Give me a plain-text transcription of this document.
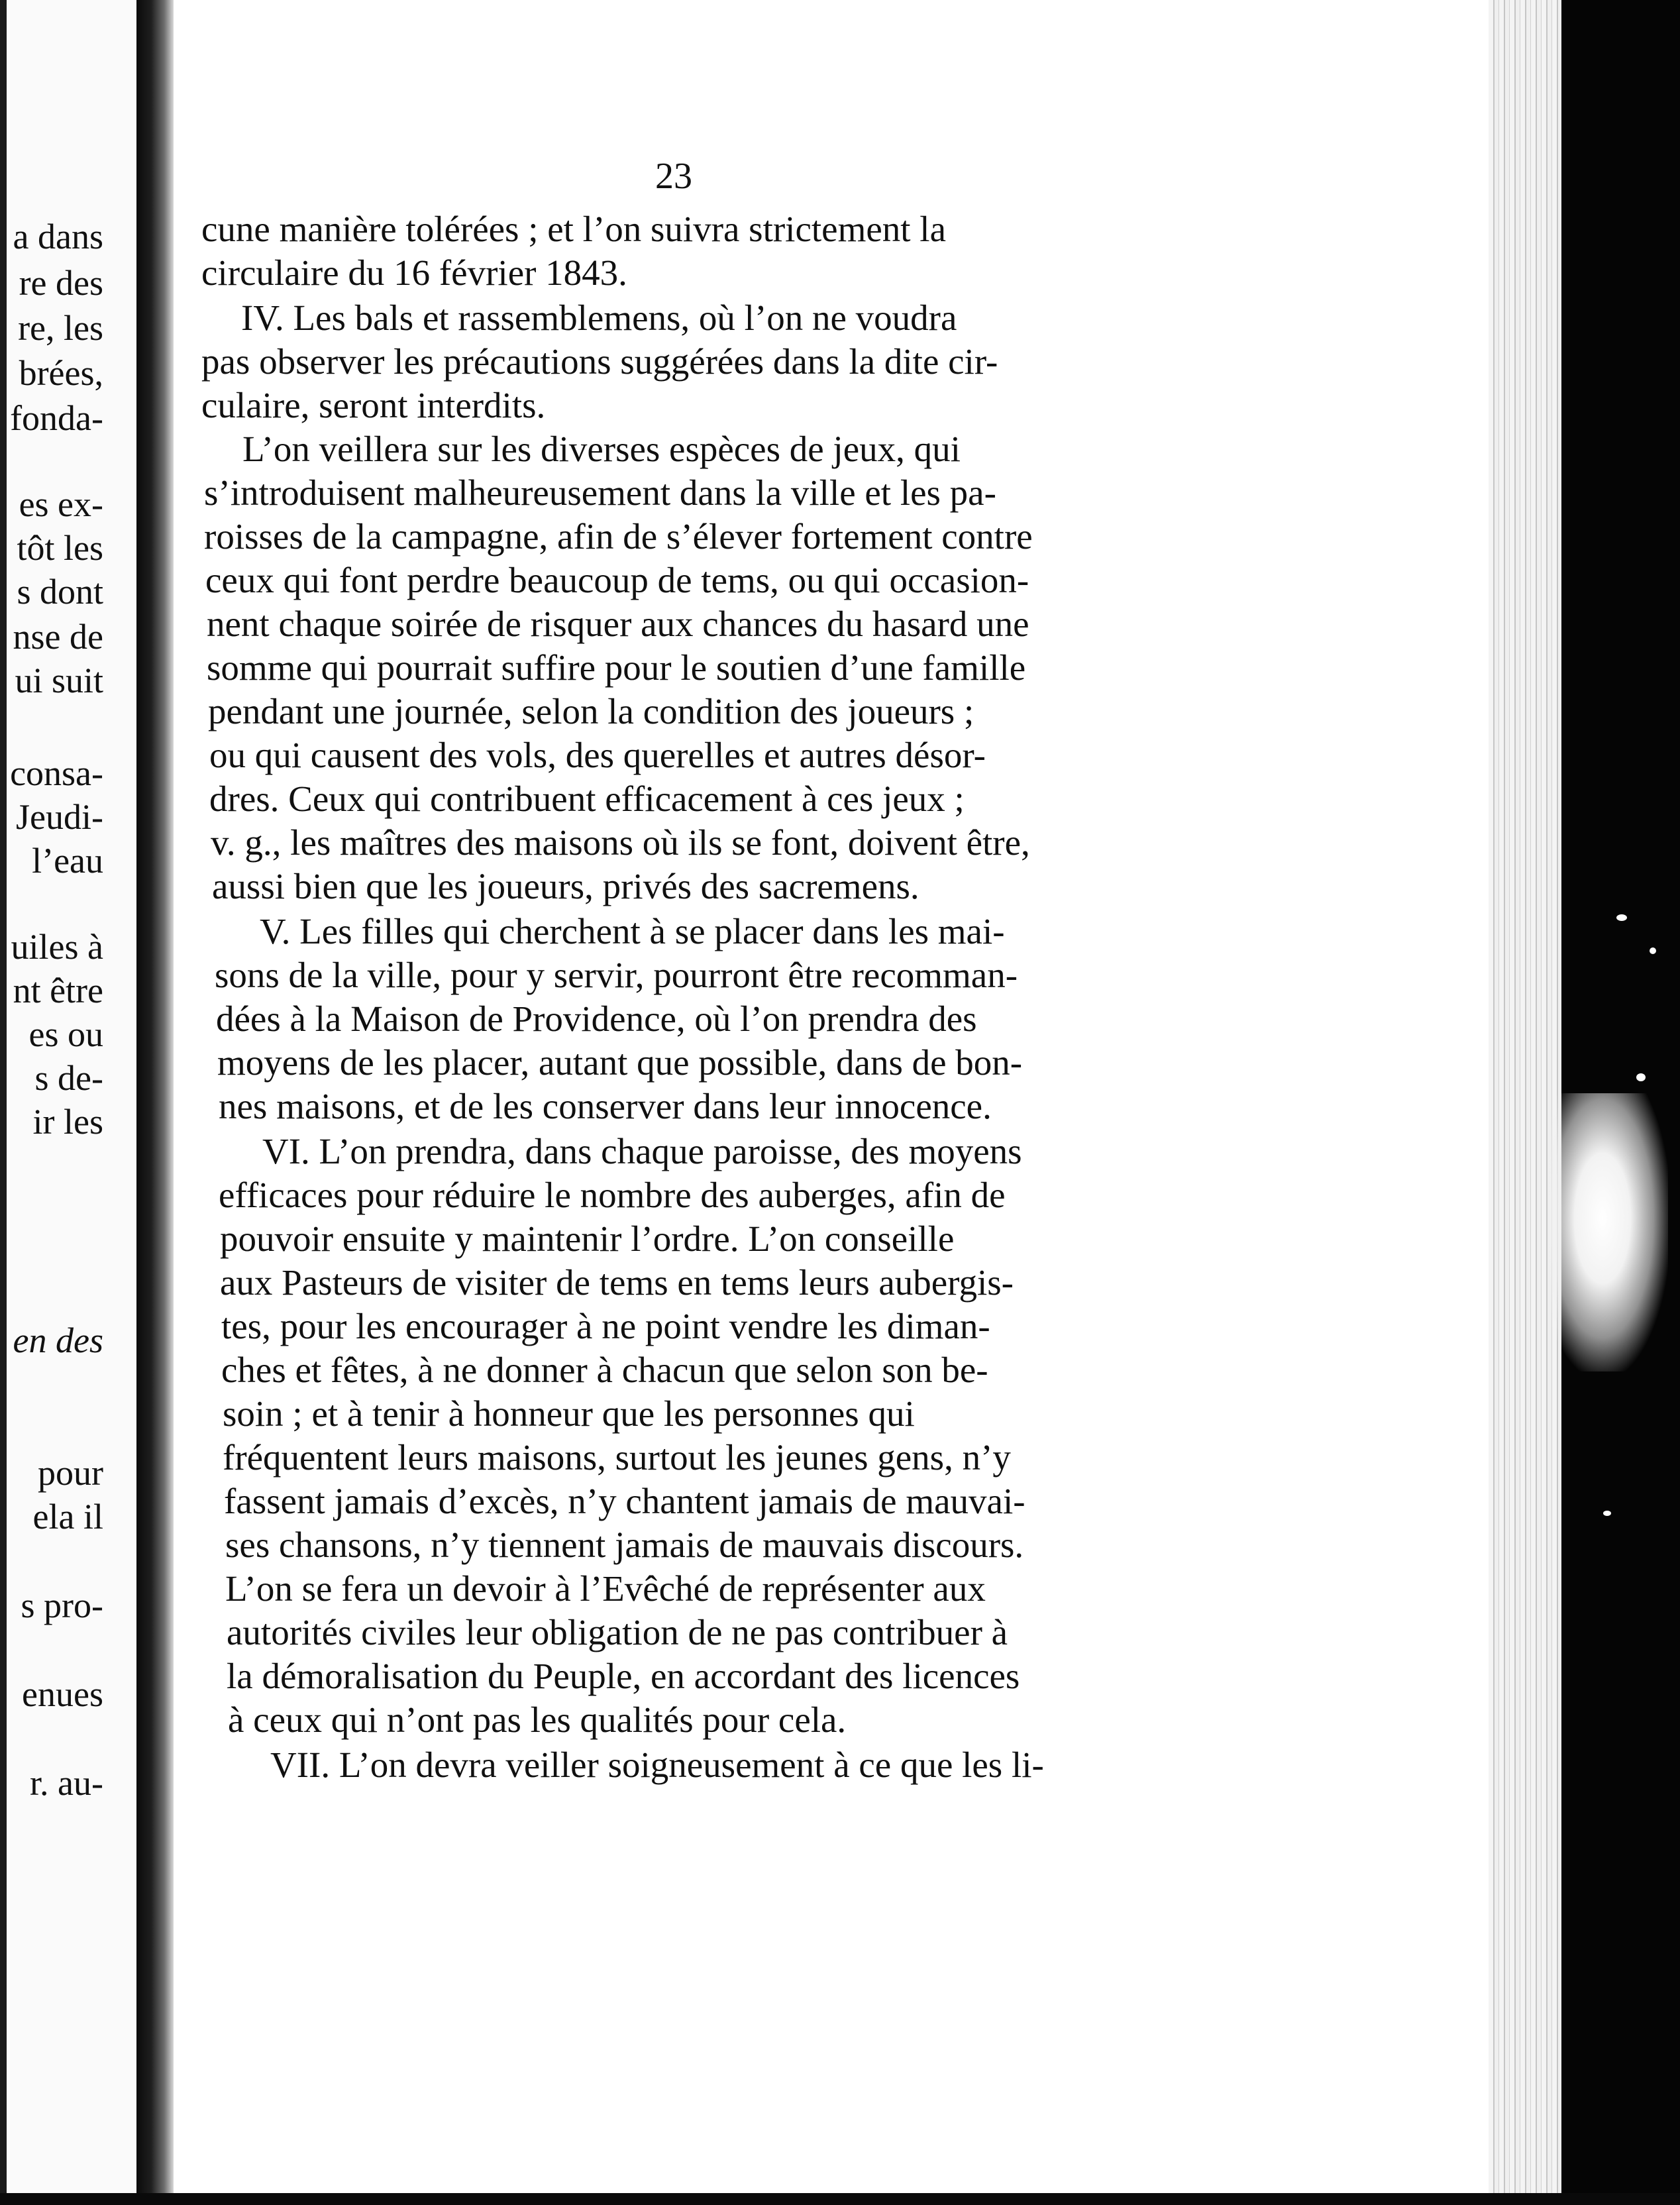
a dans
re des
re, les
brées,
fonda-
es ex-
tôt les
s dont
nse de
ui suit
consa-
Jeudi-
l’eau
uiles à
nt être
es ou
s de-
ir les
en des
pour
ela il
s pro-
enues
r. au-
23
cune manière tolérées ; et l’on suivra strictement la
circulaire du 16 février 1843.
IV. Les bals et rassemblemens, où l’on ne voudra
pas observer les précautions suggérées dans la dite cir-
culaire, seront interdits.
L’on veillera sur les diverses espèces de jeux, qui
s’introduisent malheureusement dans la ville et les pa-
roisses de la campagne, afin de s’élever fortement contre
ceux qui font perdre beaucoup de tems, ou qui occasion-
nent chaque soirée de risquer aux chances du hasard une
somme qui pourrait suffire pour le soutien d’une famille
pendant une journée, selon la condition des joueurs ;
ou qui causent des vols, des querelles et autres désor-
dres. Ceux qui contribuent efficacement à ces jeux ;
v. g., les maîtres des maisons où ils se font, doivent être,
aussi bien que les joueurs, privés des sacremens.
V. Les filles qui cherchent à se placer dans les mai-
sons de la ville, pour y servir, pourront être recomman-
dées à la Maison de Providence, où l’on prendra des
moyens de les placer, autant que possible, dans de bon-
nes maisons, et de les conserver dans leur innocence.
VI. L’on prendra, dans chaque paroisse, des moyens
efficaces pour réduire le nombre des auberges, afin de
pouvoir ensuite y maintenir l’ordre. L’on conseille
aux Pasteurs de visiter de tems en tems leurs aubergis-
tes, pour les encourager à ne point vendre les diman-
ches et fêtes, à ne donner à chacun que selon son be-
soin ; et à tenir à honneur que les personnes qui
fréquentent leurs maisons, surtout les jeunes gens, n’y
fassent jamais d’excès, n’y chantent jamais de mauvai-
ses chansons, n’y tiennent jamais de mauvais discours.
L’on se fera un devoir à l’Evêché de représenter aux
autorités civiles leur obligation de ne pas contribuer à
la démoralisation du Peuple, en accordant des licences
à ceux qui n’ont pas les qualités pour cela.
VII. L’on devra veiller soigneusement à ce que les li-
